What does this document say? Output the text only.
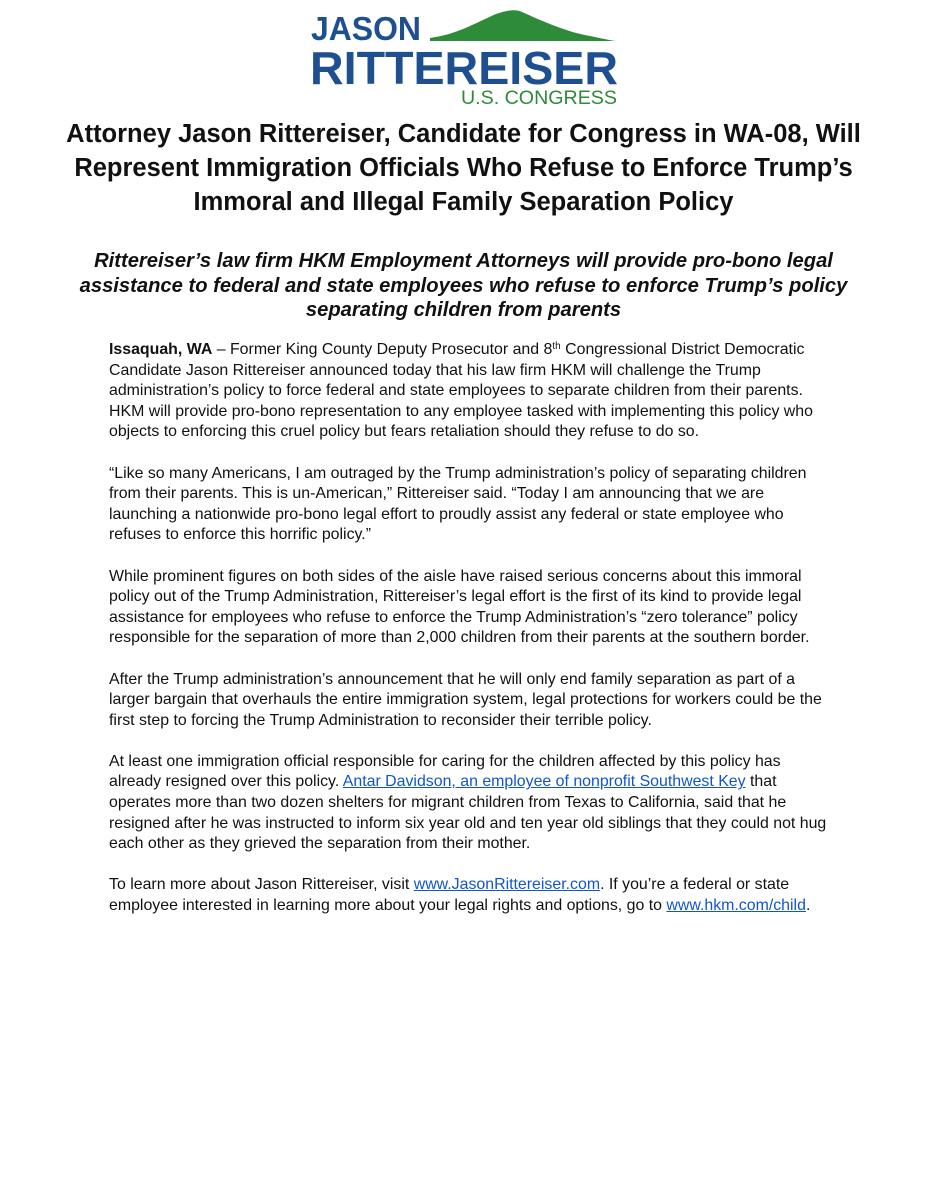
JASON
RITTEREISER
U.S. CONGRESS
Attorney Jason Rittereiser, Candidate for Congress in WA-08, Will Represent Immigration Officials Who Refuse to Enforce Trump’s Immoral and Illegal Family Separation Policy
Rittereiser’s law firm HKM Employment Attorneys will provide pro-bono legal assistance to federal and state employees who refuse to enforce Trump’s policy separating children from parents

Issaquah, WA – Former King County Deputy Prosecutor and 8th Congressional District Democratic Candidate Jason Rittereiser announced today that his law firm HKM will challenge the Trump administration’s policy to force federal and state employees to separate children from their parents. HKM will provide pro-bono representation to any employee tasked with implementing this policy who objects to enforcing this cruel policy but fears retaliation should they refuse to do so.

“Like so many Americans, I am outraged by the Trump administration’s policy of separating children from their parents. This is un-American,” Rittereiser said. “Today I am announcing that we are launching a nationwide pro-bono legal effort to proudly assist any federal or state employee who refuses to enforce this horrific policy.”

While prominent figures on both sides of the aisle have raised serious concerns about this immoral policy out of the Trump Administration, Rittereiser’s legal effort is the first of its kind to provide legal assistance for employees who refuse to enforce the Trump Administration’s “zero tolerance” policy responsible for the separation of more than 2,000 children from their parents at the southern border.

After the Trump administration’s announcement that he will only end family separation as part of a larger bargain that overhauls the entire immigration system, legal protections for workers could be the first step to forcing the Trump Administration to reconsider their terrible policy.

At least one immigration official responsible for caring for the children affected by this policy has already resigned over this policy. Antar Davidson, an employee of nonprofit Southwest Key that operates more than two dozen shelters for migrant children from Texas to California, said that he resigned after he was instructed to inform six year old and ten year old siblings that they could not hug each other as they grieved the separation from their mother.

To learn more about Jason Rittereiser, visit www.JasonRittereiser.com. If you’re a federal or state employee interested in learning more about your legal rights and options, go to www.hkm.com/child.
